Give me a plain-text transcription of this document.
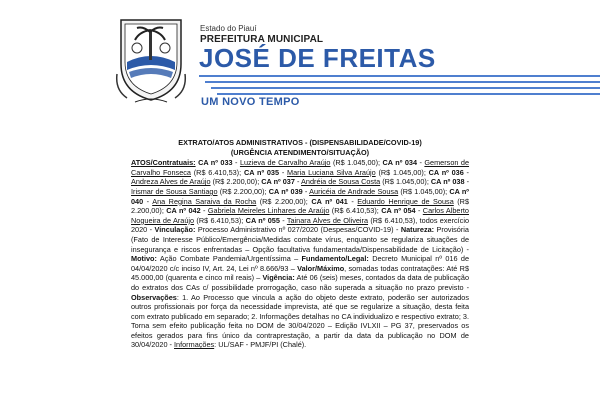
Estado do Piauí
PREFEITURA MUNICIPAL
JOSÉ DE FREITAS
UM NOVO TEMPO
EXTRATO/ATOS ADMINISTRATIVOS - (DISPENSABILIDADE/COVID-19)
(URGÊNCIA ATENDIMENTO/SITUAÇÃO)
ATOS/Contratuais: CA nº 033 - Luzieva de Carvalho Araújo (R$ 1.045,00); CA nº 034 - Gemerson de Carvalho Fonseca (R$ 6.410,53); CA nº 035 - Maria Luciana Silva Araújo (R$ 1.045,00); CA nº 036 - Andreza Alves de Araújo (R$ 2.200,00); CA nº 037 - Andréia de Sousa Costa (R$ 1.045,00); CA nº 038 - Irismar de Sousa Santiago (R$ 2.200,00); CA nº 039 - Auricéia de Andrade Sousa (R$ 1.045,00); CA nº 040 - Ana Regina Saraiva da Rocha (R$ 2.200,00); CA nº 041 - Eduardo Henrique de Sousa (R$ 2.200,00); CA nº 042 - Gabriela Meireles Linhares de Araújo (R$ 6.410,53); CA nº 054 - Carlos Alberto Nogueira de Araújo (R$ 6.410,53); CA nº 055 - Tainara Alves de Oliveira (R$ 6.410,53), todos exercício 2020 - Vinculação: Processo Administrativo nº 027/2020 (Despesas/COVID-19) - Natureza: Provisória (Fato de Interesse Público/Emergência/Medidas combate vírus, enquanto se regulariza situações de insegurança e riscos enfrentadas – Opção facultativa fundamentada/Dispensabilidade de Licitação) - Motivo: Ação Combate Pandemia/Urgentíssima – Fundamento/Legal: Decreto Municipal nº 016 de 04/04/2020 c/c inciso IV, Art. 24, Lei nº 8.666/93 – Valor/Máximo, somadas todas contratações: Até R$ 45.000,00 (quarenta e cinco mil reais) – Vigência: Até 06 (seis) meses, contados da data de publicação do extratos dos CAs c/ possibilidade prorrogação, caso não superada a situação no prazo previsto - Observações: 1. Ao Processo que vincula a ação do objeto deste extrato, poderão ser autorizados outros profissionais por força da necessidade imprevista, até que se regularize a situação, desta feita com extrato publicado em separado; 2. Informações detalhas no CA individualizo e respectivo extrato; 3. Torna sem efeito publicação feita no DOM de 30/04/2020 – Edição IVLXII – PG 37, preservados os efeitos gerados para fins único da contraprestação, a partir da data da publicação no DOM de 30/04/2020 - Informações: UL/SAF - PMJF/PI (Chalé).
